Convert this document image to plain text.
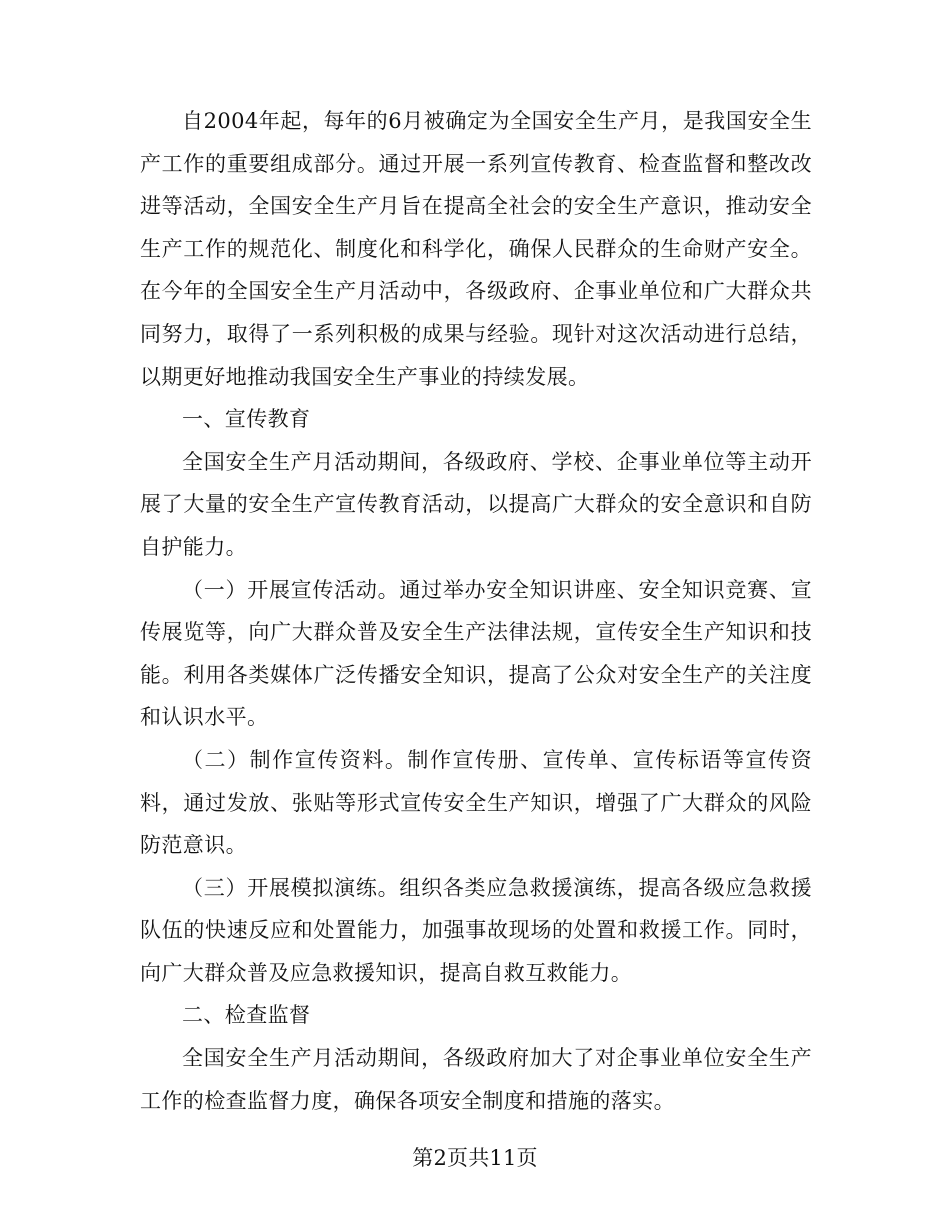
自2004年起，每年的6月被确定为全国安全生产月，是我国安全生产工作的重要组成部分。通过开展一系列宣传教育、检查监督和整改改进等活动，全国安全生产月旨在提高全社会的安全生产意识，推动安全生产工作的规范化、制度化和科学化，确保人民群众的生命财产安全。在今年的全国安全生产月活动中，各级政府、企事业单位和广大群众共同努力，取得了一系列积极的成果与经验。现针对这次活动进行总结，以期更好地推动我国安全生产事业的持续发展。

一、宣传教育

全国安全生产月活动期间，各级政府、学校、企事业单位等主动开展了大量的安全生产宣传教育活动，以提高广大群众的安全意识和自防自护能力。

（一）开展宣传活动。通过举办安全知识讲座、安全知识竞赛、宣传展览等，向广大群众普及安全生产法律法规，宣传安全生产知识和技能。利用各类媒体广泛传播安全知识，提高了公众对安全生产的关注度和认识水平。

（二）制作宣传资料。制作宣传册、宣传单、宣传标语等宣传资料，通过发放、张贴等形式宣传安全生产知识，增强了广大群众的风险防范意识。

（三）开展模拟演练。组织各类应急救援演练，提高各级应急救援队伍的快速反应和处置能力，加强事故现场的处置和救援工作。同时，向广大群众普及应急救援知识，提高自救互救能力。

二、检查监督

全国安全生产月活动期间，各级政府加大了对企事业单位安全生产工作的检查监督力度，确保各项安全制度和措施的落实。

第2页共11页
